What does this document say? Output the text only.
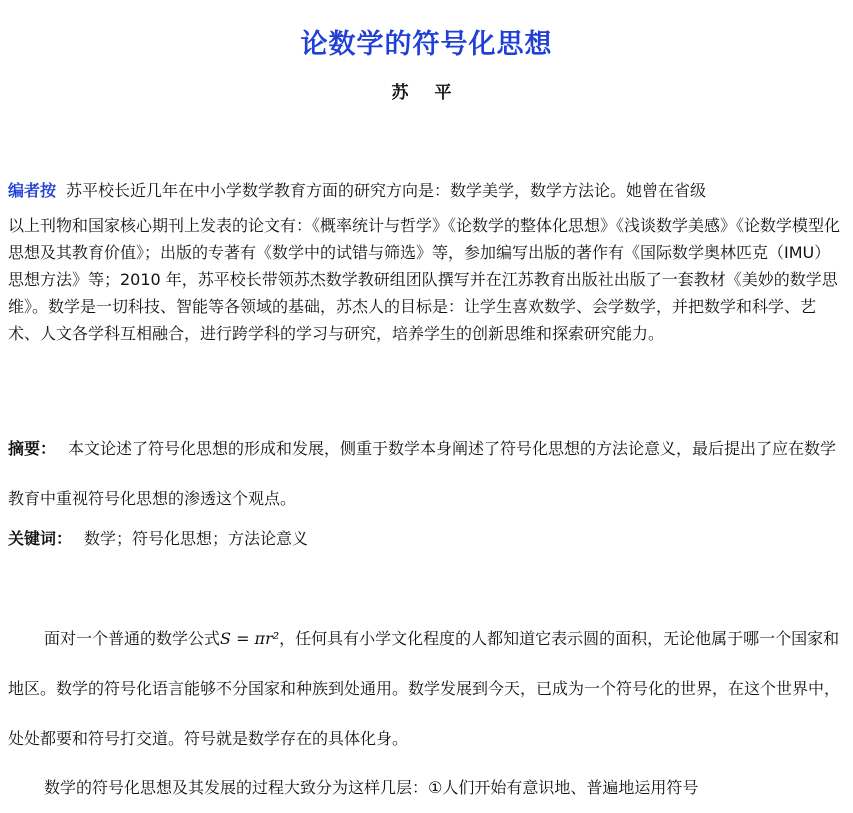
论数学的符号化思想
苏 平
编者按 苏平校长近几年在中小学数学教育方面的研究方向是：数学美学，数学方法论。她曾在省级
以上刊物和国家核心期刊上发表的论文有：《概率统计与哲学》《论数学的整体化思想》《浅谈数学美感》《论数学模型化思想及其教育价值》；出版的专著有《数学中的试错与筛选》等，参加编写出版的著作有《国际数学奥林匹克（IMU）思想方法》等；2010 年，苏平校长带领苏杰数学教研组团队撰写并在江苏教育出版社出版了一套教材《美妙的数学思维》。数学是一切科技、智能等各领域的基础，苏杰人的目标是：让学生喜欢数学、会学数学，并把数学和科学、艺术、人文各学科互相融合，进行跨学科的学习与研究，培养学生的创新思维和探索研究能力。
摘要： 本文论述了符号化思想的形成和发展，侧重于数学本身阐述了符号化思想的方法论意义，最后提出了应在数学教育中重视符号化思想的渗透这个观点。
关键词： 数学；符号化思想；方法论意义
面对一个普通的数学公式S = πr²，任何具有小学文化程度的人都知道它表示圆的面积，无论他属于哪一个国家和地区。数学的符号化语言能够不分国家和种族到处通用。数学发展到今天，已成为一个符号化的世界，在这个世界中，处处都要和符号打交道。符号就是数学存在的具体化身。
数学的符号化思想及其发展的过程大致分为这样几层：①人们开始有意识地、普遍地运用符号
